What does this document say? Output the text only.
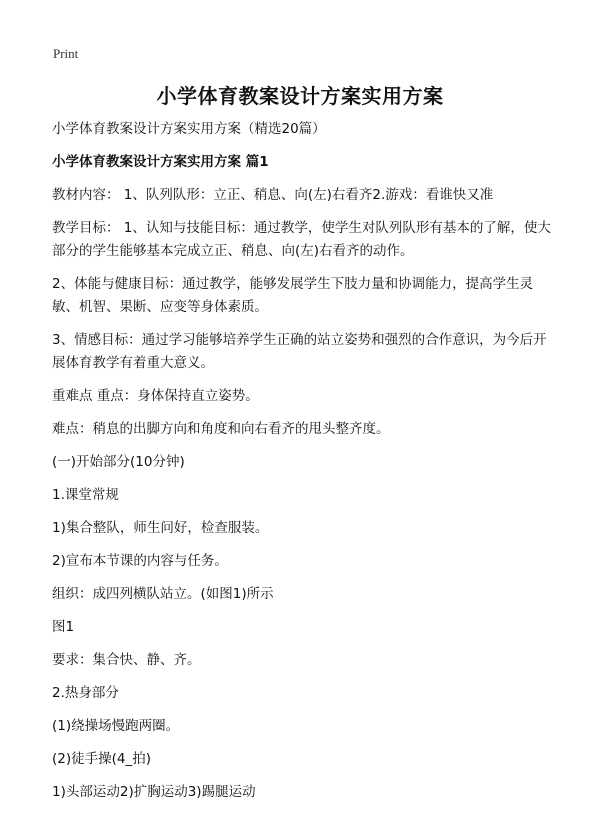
Print
小学体育教案设计方案实用方案

小学体育教案设计方案实用方案（精选20篇）

小学体育教案设计方案实用方案 篇1

教材内容： 1、队列队形：立正、稍息、向(左)右看齐2.游戏：看谁快又准

教学目标： 1、认知与技能目标：通过教学，使学生对队列队形有基本的了解，使大部分的学生能够基本完成立正、稍息、向(左)右看齐的动作。

2、体能与健康目标：通过教学，能够发展学生下肢力量和协调能力，提高学生灵敏、机智、果断、应变等身体素质。

3、情感目标：通过学习能够培养学生正确的站立姿势和强烈的合作意识，为今后开展体育教学有着重大意义。

重难点 重点：身体保持直立姿势。

难点：稍息的出脚方向和角度和向右看齐的甩头整齐度。

(一)开始部分(10分钟)

1.课堂常规

1)集合整队，师生问好，检查服装。

2)宣布本节课的内容与任务。

组织：成四列横队站立。(如图1)所示

图1

要求：集合快、静、齐。

2.热身部分

(1)绕操场慢跑两圈。

(2)徒手操(4_拍)

1)头部运动2)扩胸运动3)踢腿运动
